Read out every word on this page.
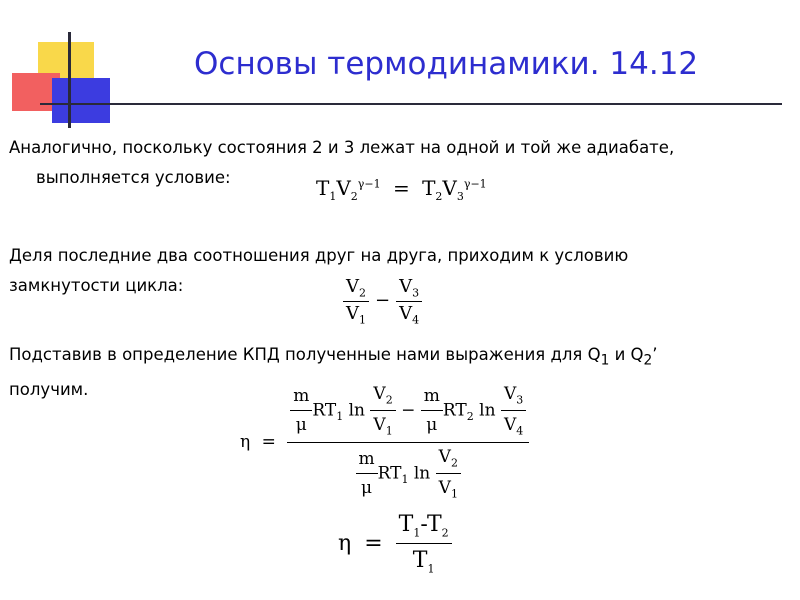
Основы термодинамики. 14.12
Аналогично, поскольку состояния 2 и 3 лежат на одной и той же адиабате,
выполняется условие:	$T_1V_2^{\gamma-1} = T_2V_3^{\gamma-1}$
Деля последние два соотношения друг на друга, приходим к условию
замкнутости цикла:	$\frac{V_2}{V_1} - \frac{V_3}{V_4}$
Подставив в определение КПД полученные нами выражения для $Q_1$ и $Q_2$’
получим.
η =
$\frac{m}{\mu} RT_1$ $\ln \frac{V_2}{V_1} - \frac{m}{\mu} RT_2$ $\ln \frac{V_3}{V_4}$
$\frac{m}{\mu} RT_1$ $\ln \frac{V_2}{V_1}$
$\eta = \frac{T_1-T_2}{T_1}$
